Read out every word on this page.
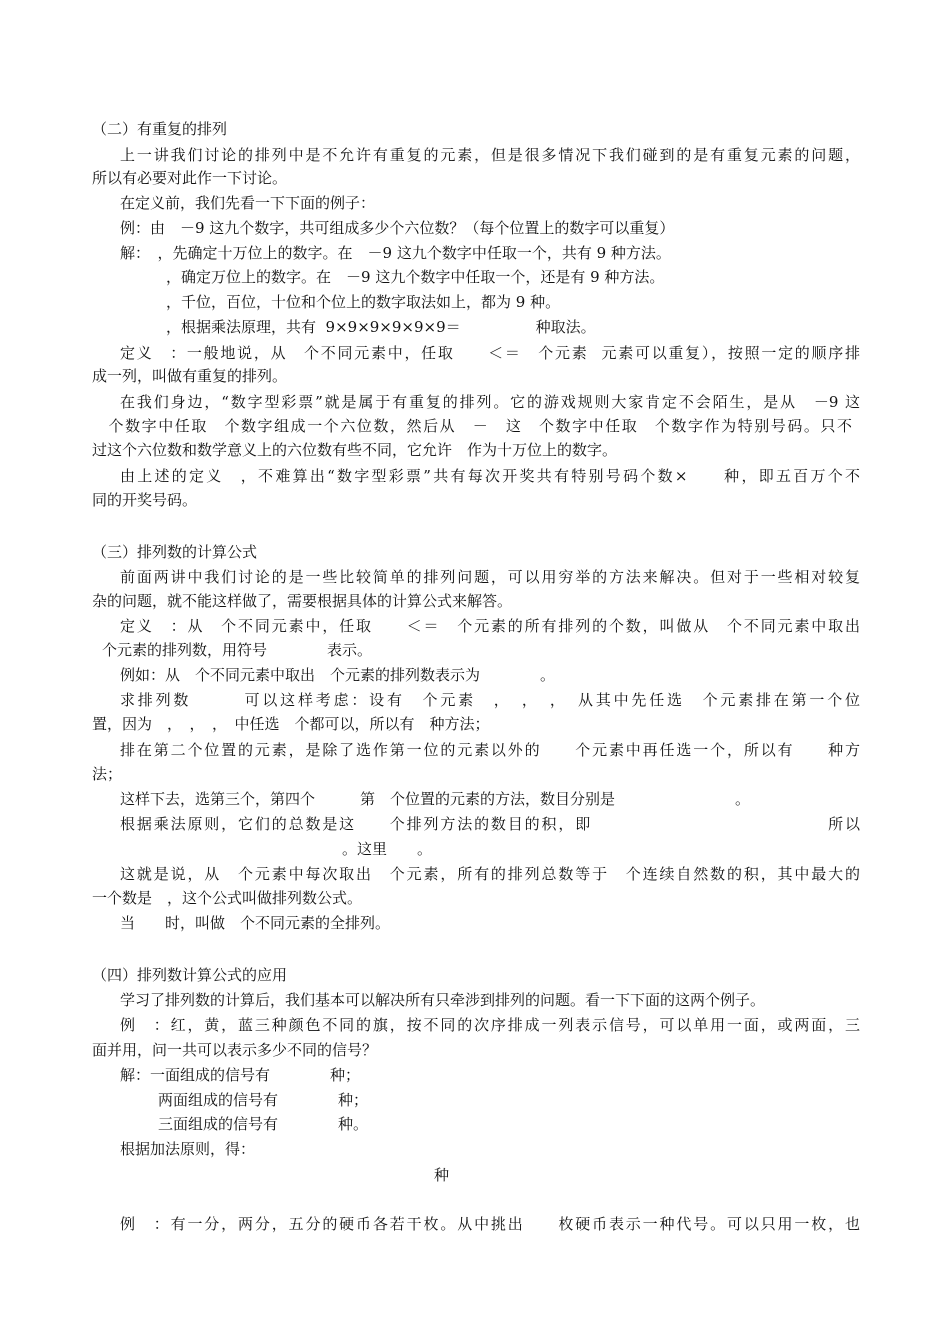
（二）有重复的排列
上一讲我们讨论的排列中是不允许有重复的元素，但是很多情况下我们碰到的是有重复元素的问题，
所以有必要对此作一下讨论。
在定义前，我们先看一下下面的例子：
例：由　－9 这九个数字，共可组成多少个六位数？（每个位置上的数字可以重复）
解：　，先确定十万位上的数字。在　－9 这九个数字中任取一个，共有 9 种方法。
，确定万位上的数字。在　－9 这九个数字中任取一个，还是有 9 种方法。
，千位，百位，十位和个位上的数字取法如上，都为 9 种。
，根据乘法原理，共有  9×9×9×9×9×9＝　　　　　种取法。
定义　：一般地说，从　个不同元素中，任取　　＜＝　个元素  元素可以重复），按照一定的顺序排
成一列，叫做有重复的排列。
在我们身边，“数字型彩票”就是属于有重复的排列。它的游戏规则大家肯定不会陌生，是从　－9 这
　个数字中任取　个数字组成一个六位数，然后从　－　这　个数字中任取　个数字作为特别号码。只不
过这个六位数和数学意义上的六位数有些不同，它允许　作为十万位上的数字。
由上述的定义　，不难算出“数字型彩票”共有每次开奖共有特别号码个数×　　种，即五百万个不
同的开奖号码。
（三）排列数的计算公式
前面两讲中我们讨论的是一些比较简单的排列问题，可以用穷举的方法来解决。但对于一些相对较复
杂的问题，就不能这样做了，需要根据具体的计算公式来解答。
定义　：从　个不同元素中，任取　　＜＝　个元素的所有排列的个数，叫做从　个不同元素中取出
个元素的排列数，用符号　　　　表示。
例如：从　个不同元素中取出　个元素的排列数表示为　　　　。
求排列数　　　可以这样考虑：设有　个元素　，　，　，　从其中先任选　个元素排在第一个位
置，因为　，　，　，　中任选　个都可以，所以有　种方法；
排在第二个位置的元素，是除了选作第一位的元素以外的　　个元素中再任选一个，所以有　　种方
法；
这样下去，选第三个，第四个　　　第　个位置的元素的方法，数目分别是　　　　　　　　。
根据乘法原则，它们的总数是这　　个排列方法的数目的积，即　　　　　　　　　　　　　　所以
。这里　　。
这就是说，从　个元素中每次取出　个元素，所有的排列总数等于　个连续自然数的积，其中最大的
一个数是　，这个公式叫做排列数公式。
当　　时，叫做　个不同元素的全排列。
（四）排列数计算公式的应用
学习了排列数的计算后，我们基本可以解决所有只牵涉到排列的问题。看一下下面的这两个例子。
例　：红，黄，蓝三种颜色不同的旗，按不同的次序排成一列表示信号，可以单用一面，或两面，三
面并用，问一共可以表示多少不同的信号？
解：一面组成的信号有　　　　种；
两面组成的信号有　　　　种；
三面组成的信号有　　　　种。
根据加法原则，得：
种
例　：有一分，两分，五分的硬币各若干枚。从中挑出　　枚硬币表示一种代号。可以只用一枚，也
